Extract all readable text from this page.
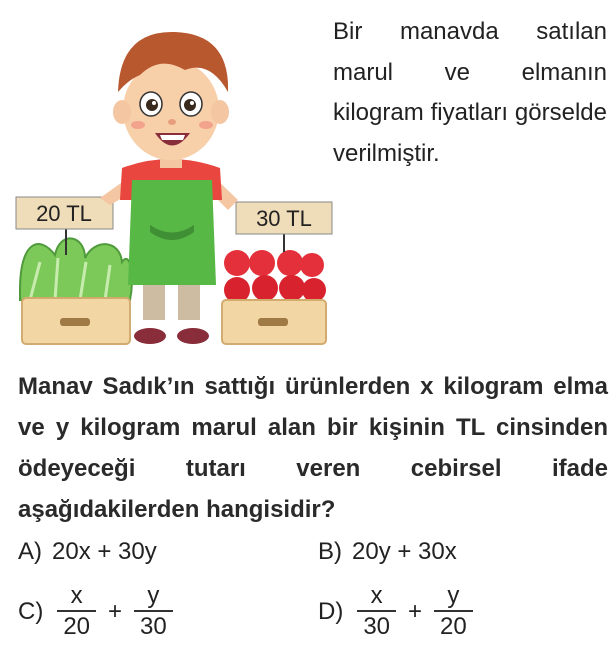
20 TL	30 TL

Bir manavda satılan marul ve elmanın kilogram fiyatları görselde verilmiştir.

Manav Sadık’ın sattığı ürünlerden x kilogram elma ve y kilogram marul alan bir kişinin TL cinsinden ödeyeceği tutarı veren cebirsel ifade aşağıdakilerden hangisidir?

A) 20x + 30y	B) 20y + 30x
$C) \frac{x}{20} + \frac{y}{30}$	$D) \frac{x}{30} + \frac{y}{20}$
